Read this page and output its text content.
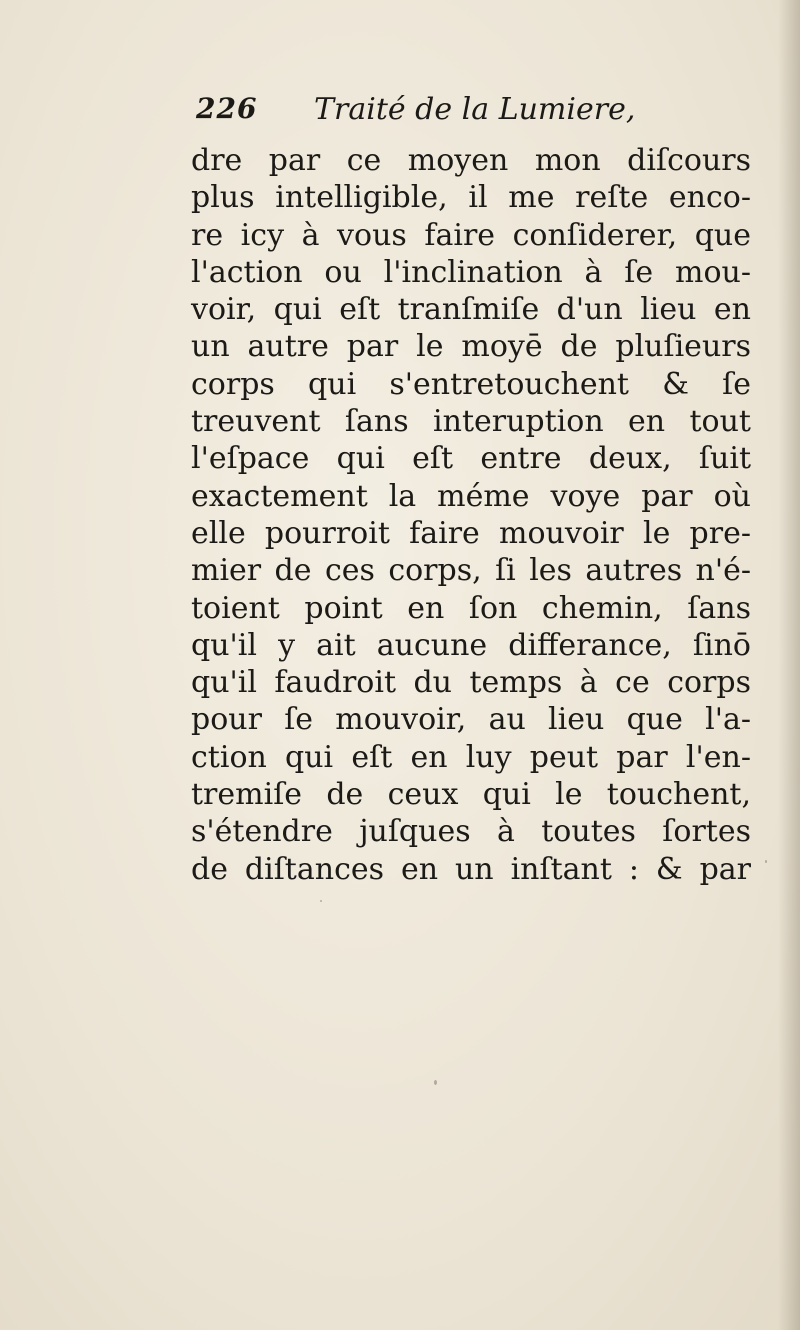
226 Traité de la Lumiere,
dre par ce moyen mon diſcours
plus intelligible, il me reſte enco-
re icy à vous faire conſiderer, que
l'action ou l'inclination à ſe mou-
voir, qui eſt tranſmiſe d'un lieu en
un autre par le moyē de pluſieurs
corps qui s'entretouchent & ſe
treuvent ſans interuption en tout
l'eſpace qui eſt entre deux, ſuit
exactement la méme voye par où
elle pourroit faire mouvoir le pre-
mier de ces corps, ſi les autres n'é-
toient point en ſon chemin, ſans
qu'il y ait aucune differance, ſinō
qu'il faudroit du temps à ce corps
pour ſe mouvoir, au lieu que l'a-
ction qui eſt en luy peut par l'en-
tremiſe de ceux qui le touchent,
s'étendre juſques à toutes ſortes
de diſtances en un inſtant : & par
